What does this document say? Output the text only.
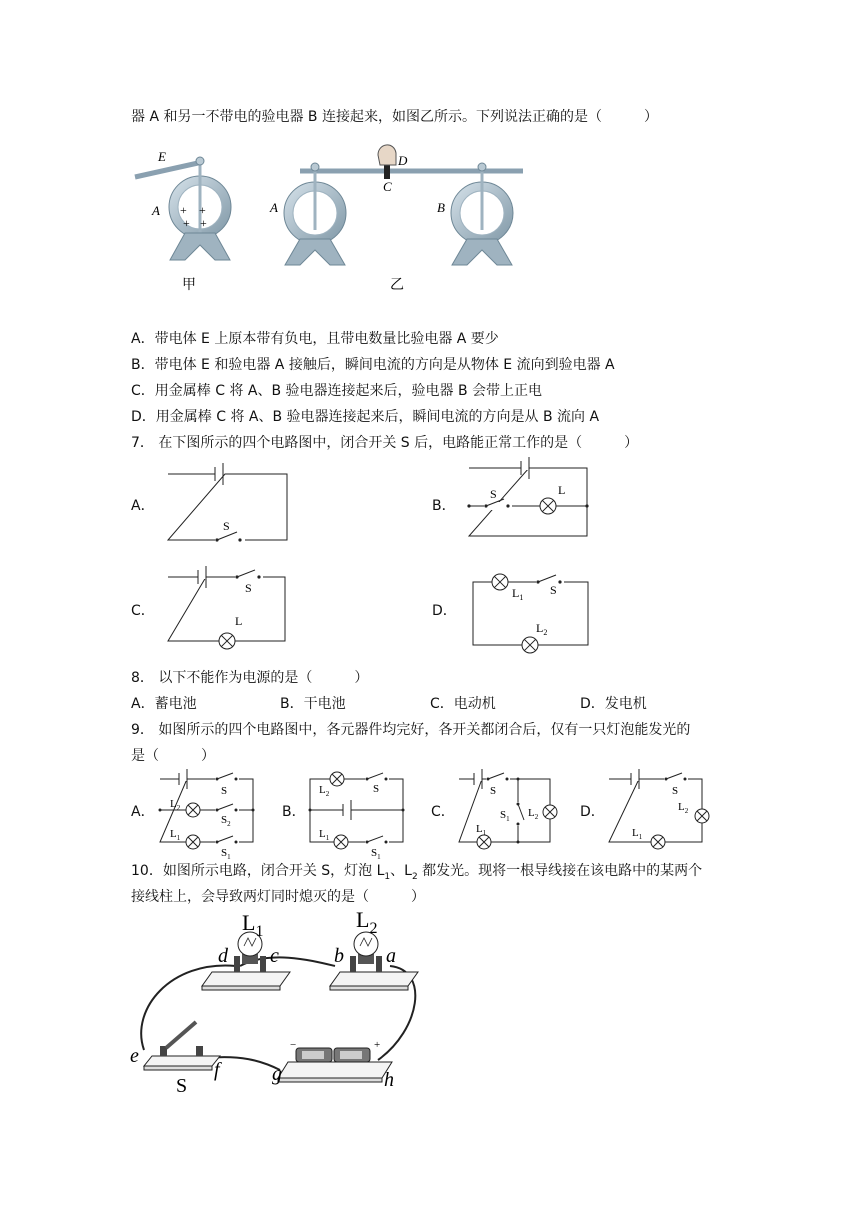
器 A 和另一不带电的验电器 B 连接起来，如图乙所示。下列说法正确的是（　　　）
+ +
+ +
E
A
甲
A	B
C
D
乙
A．带电体 E 上原本带有负电，且带电数量比验电器 A 要少
B．带电体 E 和验电器 A 接触后，瞬间电流的方向是从物体 E 流向到验电器 A
C．用金属棒 C 将 A、B 验电器连接起来后，验电器 B 会带上正电
D．用金属棒 C 将 A、B 验电器连接起来后，瞬间电流的方向是从 B 流向 A
7． 在下图所示的四个电路图中，闭合开关 S 后，电路能正常工作的是（　　　）
A．
S
B．
S	L
C．
S
L
D．
$L_1$
S
$L_2$
8． 以下不能作为电源的是（　　　）
A．蓄电池	B．干电池	C．电动机	D．发电机
9． 如图所示的四个电路图中，各元器件均完好，各开关都闭合后，仅有一只灯泡能发光的
是（　　　）
A．
S
$L_2$
$S_2$
$L_1$
$S_1$
B．
$L_2$	S
$L_1$
$S_1$
C．
S
$S_1$ $L_2$
$L_1$
D．
S
$L_2$
$L_1$
10．如图所示电路，闭合开关 S，灯泡 $L_1$、$L_2$ 都发光。现将一根导线接在该电路中的某两个
接线柱上，会导致两灯同时熄灭的是（　　　）
$L_1$	$L_2$
d c	b a
e
f	g	h
S
−	+
